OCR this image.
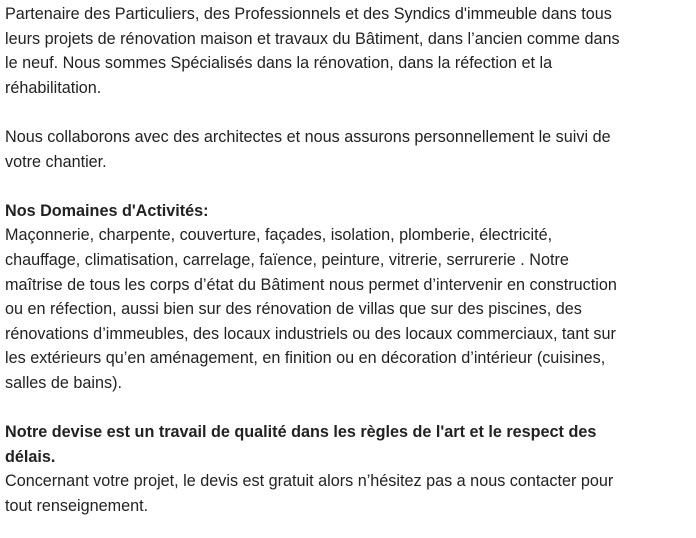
Partenaire des Particuliers, des Professionnels et des Syndics d'immeuble dans tous
leurs projets de rénovation maison et travaux du Bâtiment, dans l’ancien comme dans
le neuf. Nous sommes Spécialisés dans la rénovation, dans la réfection et la
réhabilitation.
Nous collaborons avec des architectes et nous assurons personnellement le suivi de
votre chantier.
Nos Domaines d'Activités:
Maçonnerie, charpente, couverture, façades, isolation, plomberie, électricité,
chauffage, climatisation, carrelage, faïence, peinture, vitrerie, serrurerie . Notre
maîtrise de tous les corps d’état du Bâtiment nous permet d’intervenir en construction
ou en réfection, aussi bien sur des rénovation de villas que sur des piscines, des
rénovations d’immeubles, des locaux industriels ou des locaux commerciaux, tant sur
les extérieurs qu’en aménagement, en finition ou en décoration d’intérieur (cuisines,
salles de bains).
Notre devise est un travail de qualité dans les règles de l'art et le respect des
délais.
Concernant votre projet, le devis est gratuit alors n’hésitez pas a nous contacter pour
tout renseignement.
